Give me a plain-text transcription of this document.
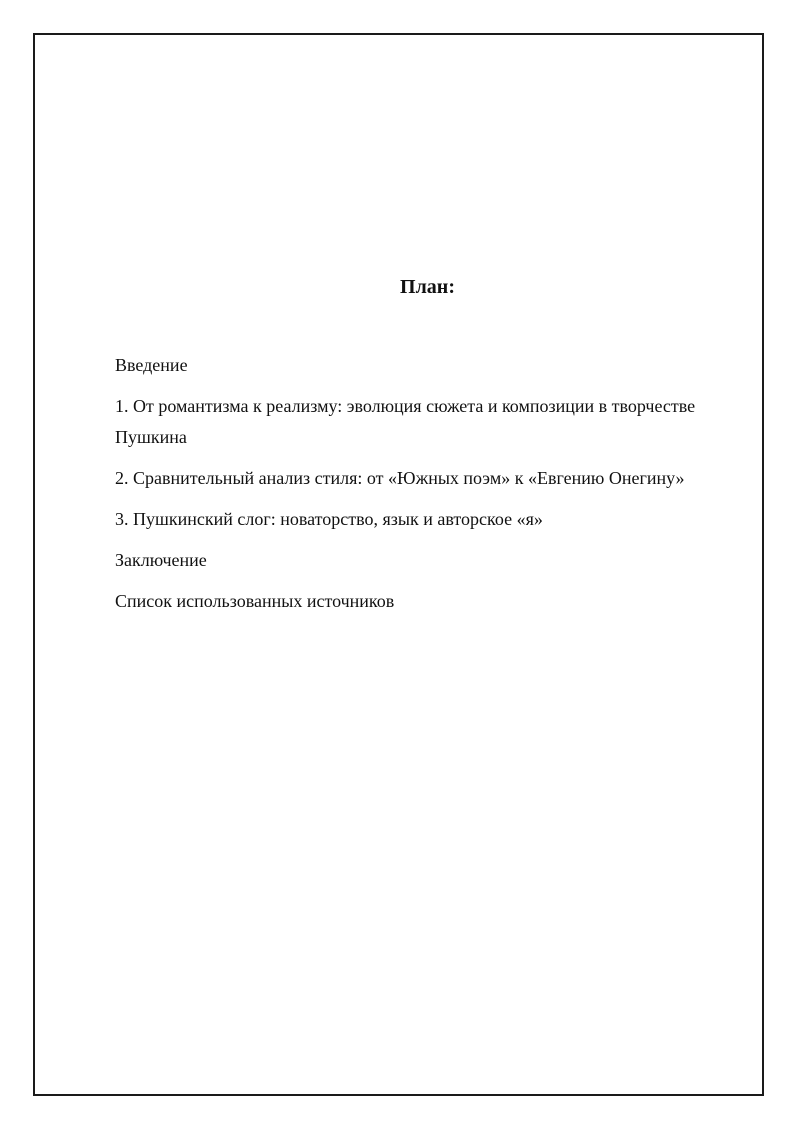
План:
Введение
1. От романтизма к реализму: эволюция сюжета и композиции в творчестве Пушкина
2. Сравнительный анализ стиля: от «Южных поэм» к «Евгению Онегину»
3. Пушкинский слог: новаторство, язык и авторское «я»
Заключение
Список использованных источников
